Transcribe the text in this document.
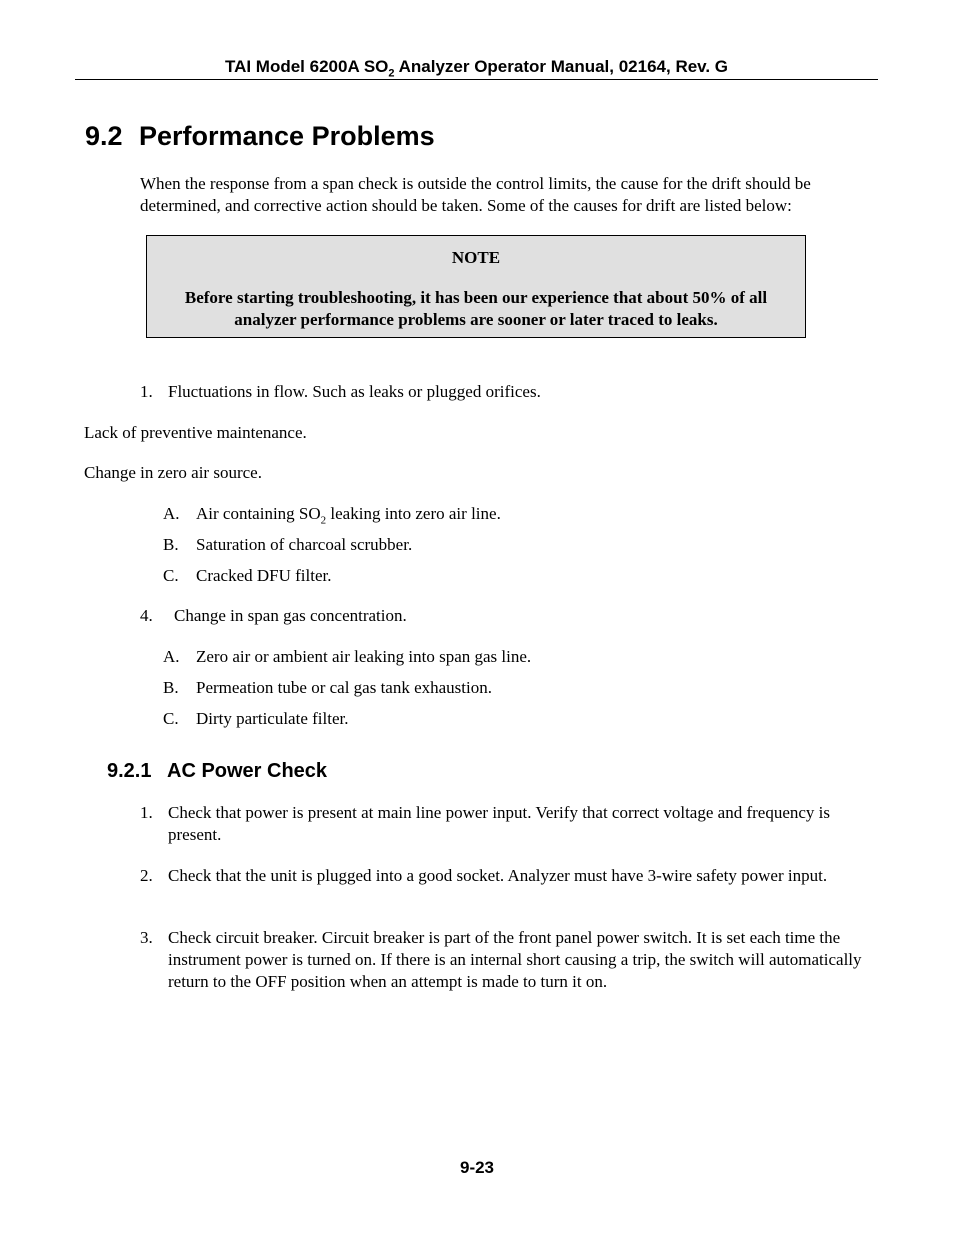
TAI Model 6200A $SO_2$ Analyzer Operator Manual, 02164, Rev. G
9.2 Performance Problems
When the response from a span check is outside the control limits, the cause for the drift should be determined, and corrective action should be taken. Some of the causes for drift are listed below:
NOTE
Before starting troubleshooting, it has been our experience that about 50% of all analyzer performance problems are sooner or later traced to leaks.
1. Fluctuations in flow. Such as leaks or plugged orifices.
Lack of preventive maintenance.
Change in zero air source.
A. Air containing $SO_2$ leaking into zero air line.
B. Saturation of charcoal scrubber.
C. Cracked DFU filter.
4. Change in span gas concentration.
A. Zero air or ambient air leaking into span gas line.
B. Permeation tube or cal gas tank exhaustion.
C. Dirty particulate filter.
9.2.1 AC Power Check
1. Check that power is present at main line power input. Verify that correct voltage and frequency is present.
2. Check that the unit is plugged into a good socket. Analyzer must have 3-wire safety power input.
3. Check circuit breaker. Circuit breaker is part of the front panel power switch. It is set each time the instrument power is turned on. If there is an internal short causing a trip, the switch will automatically return to the OFF position when an attempt is made to turn it on.
9-23
